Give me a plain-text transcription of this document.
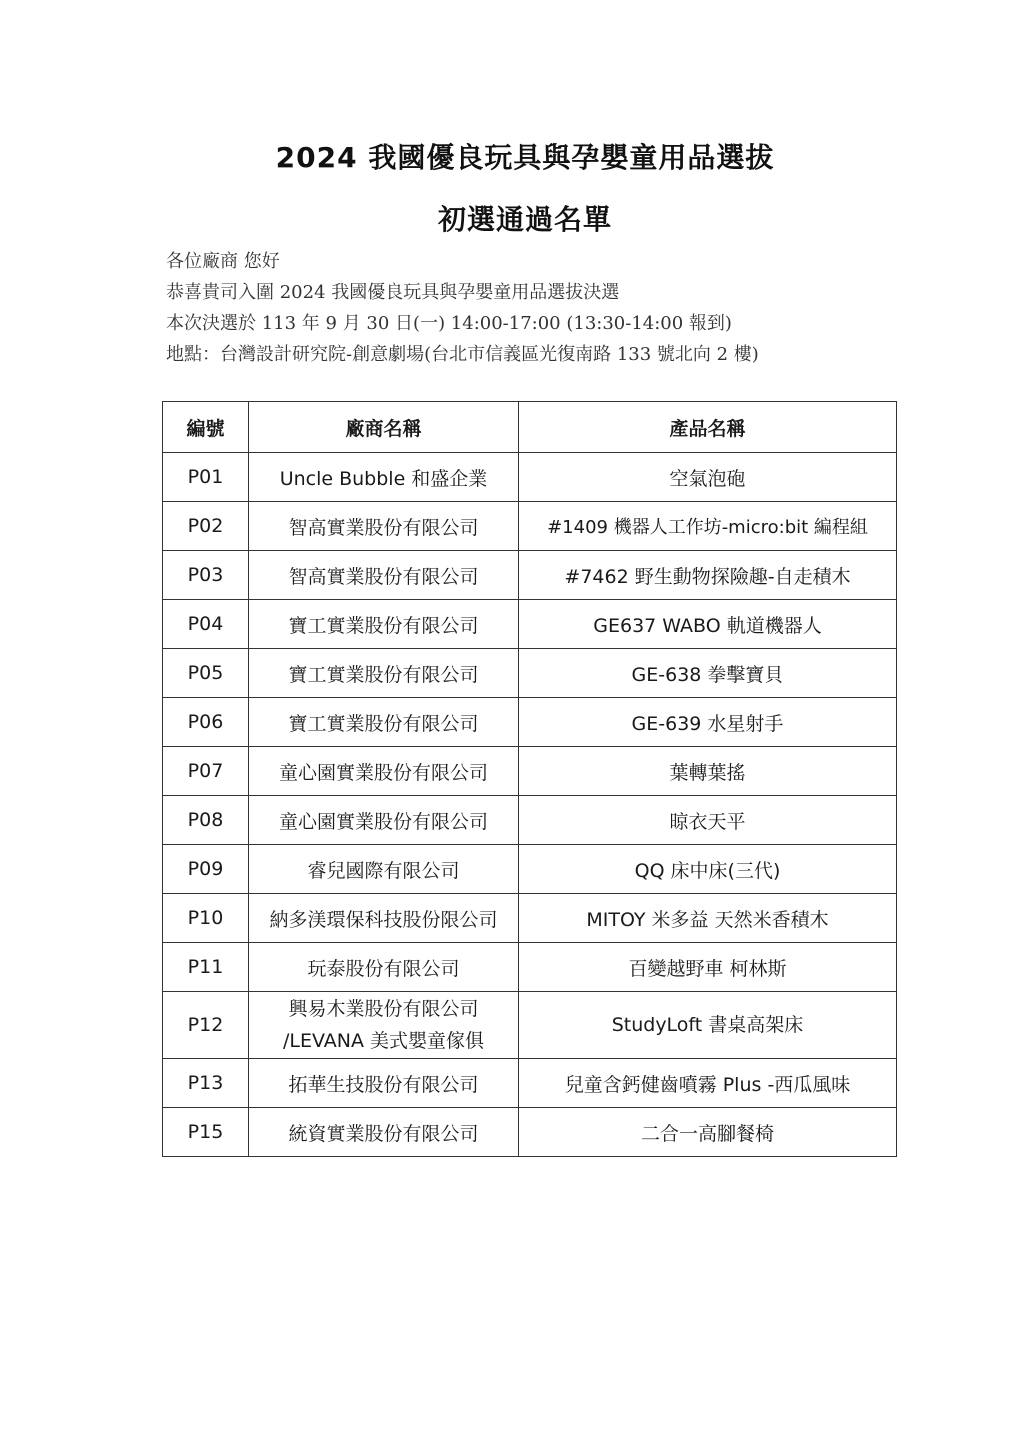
2024 我國優良玩具與孕嬰童用品選拔
初選通過名單
各位廠商 您好
恭喜貴司入圍 2024 我國優良玩具與孕嬰童用品選拔決選
本次決選於 113 年 9 月 30 日(一) 14:00-17:00 (13:30-14:00 報到)
地點：台灣設計研究院-創意劇場(台北市信義區光復南路 133 號北向 2 樓)
編號	廠商名稱	產品名稱
P01	Uncle Bubble 和盛企業	空氣泡砲
P02	智高實業股份有限公司	#1409 機器人工作坊-micro:bit 編程組
P03	智高實業股份有限公司	#7462 野生動物探險趣-自走積木
P04	寶工實業股份有限公司	GE637 WABO 軌道機器人
P05	寶工實業股份有限公司	GE-638 拳擊寶貝
P06	寶工實業股份有限公司	GE-639 水星射手
P07	童心園實業股份有限公司	葉轉葉搖
P08	童心園實業股份有限公司	晾衣天平
P09	睿兒國際有限公司	QQ 床中床(三代)
P10	納多渼環保科技股份限公司	MITOY 米多益 天然米香積木
P11	玩泰股份有限公司	百變越野車 柯林斯
P12	興易木業股份有限公司
/LEVANA 美式嬰童傢俱	StudyLoft 書桌高架床
P13	拓華生技股份有限公司	兒童含鈣健齒噴霧 Plus -西瓜風味
P15	統資實業股份有限公司	二合一高腳餐椅
